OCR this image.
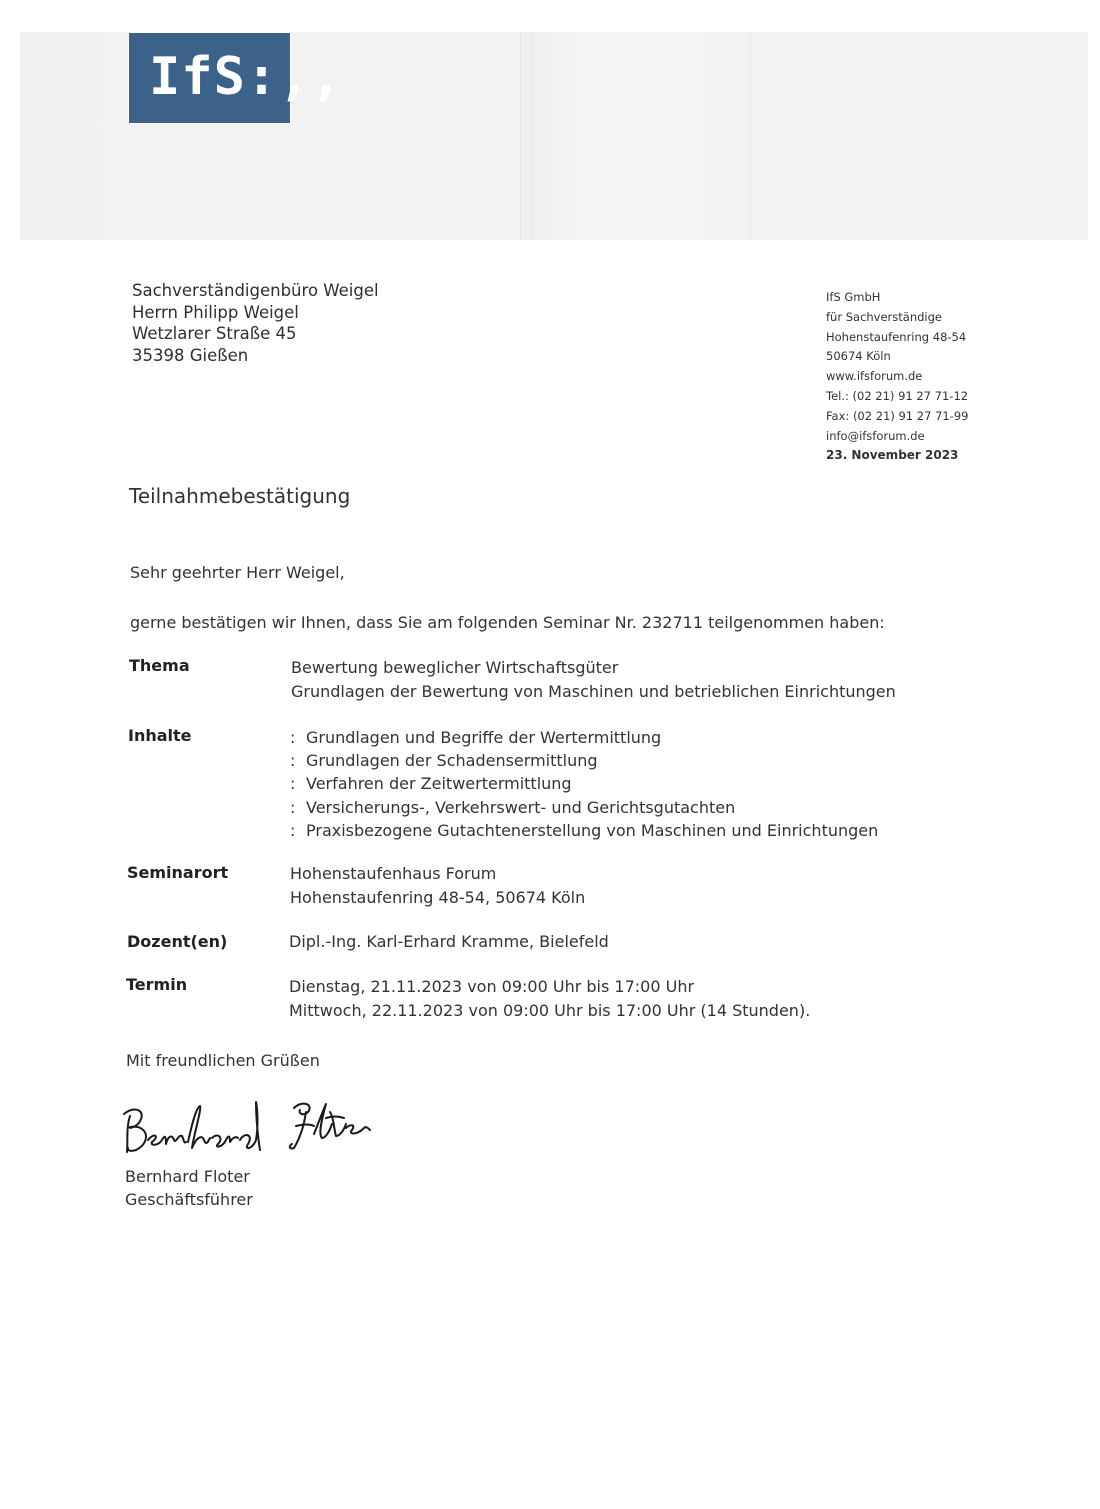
IfS:,,
Sachverständigenbüro Weigel
Herrn Philipp Weigel
Wetzlarer Straße 45
35398 Gießen
IfS GmbH
für Sachverständige
Hohenstaufenring 48-54
50674 Köln
www.ifsforum.de
Tel.: (02 21) 91 27 71-12
Fax: (02 21) 91 27 71-99
info@ifsforum.de
23. November 2023
Teilnahmebestätigung
Sehr geehrter Herr Weigel,
gerne bestätigen wir Ihnen, dass Sie am folgenden Seminar Nr. 232711 teilgenommen haben:
Thema	Bewertung beweglicher Wirtschaftsgüter
Grundlagen der Bewertung von Maschinen und betrieblichen Einrichtungen
Inhalte	: Grundlagen und Begriffe der Wertermittlung
: Grundlagen der Schadensermittlung
: Verfahren der Zeitwertermittlung
: Versicherungs-, Verkehrswert- und Gerichtsgutachten
: Praxisbezogene Gutachtenerstellung von Maschinen und Einrichtungen
Seminarort	Hohenstaufenhaus Forum
Hohenstaufenring 48-54, 50674 Köln
Dozent(en)	Dipl.-Ing. Karl-Erhard Kramme, Bielefeld
Termin	Dienstag, 21.11.2023 von 09:00 Uhr bis 17:00 Uhr
Mittwoch, 22.11.2023 von 09:00 Uhr bis 17:00 Uhr (14 Stunden).
Mit freundlichen Grüßen
Bernhard Floter
Geschäftsführer
